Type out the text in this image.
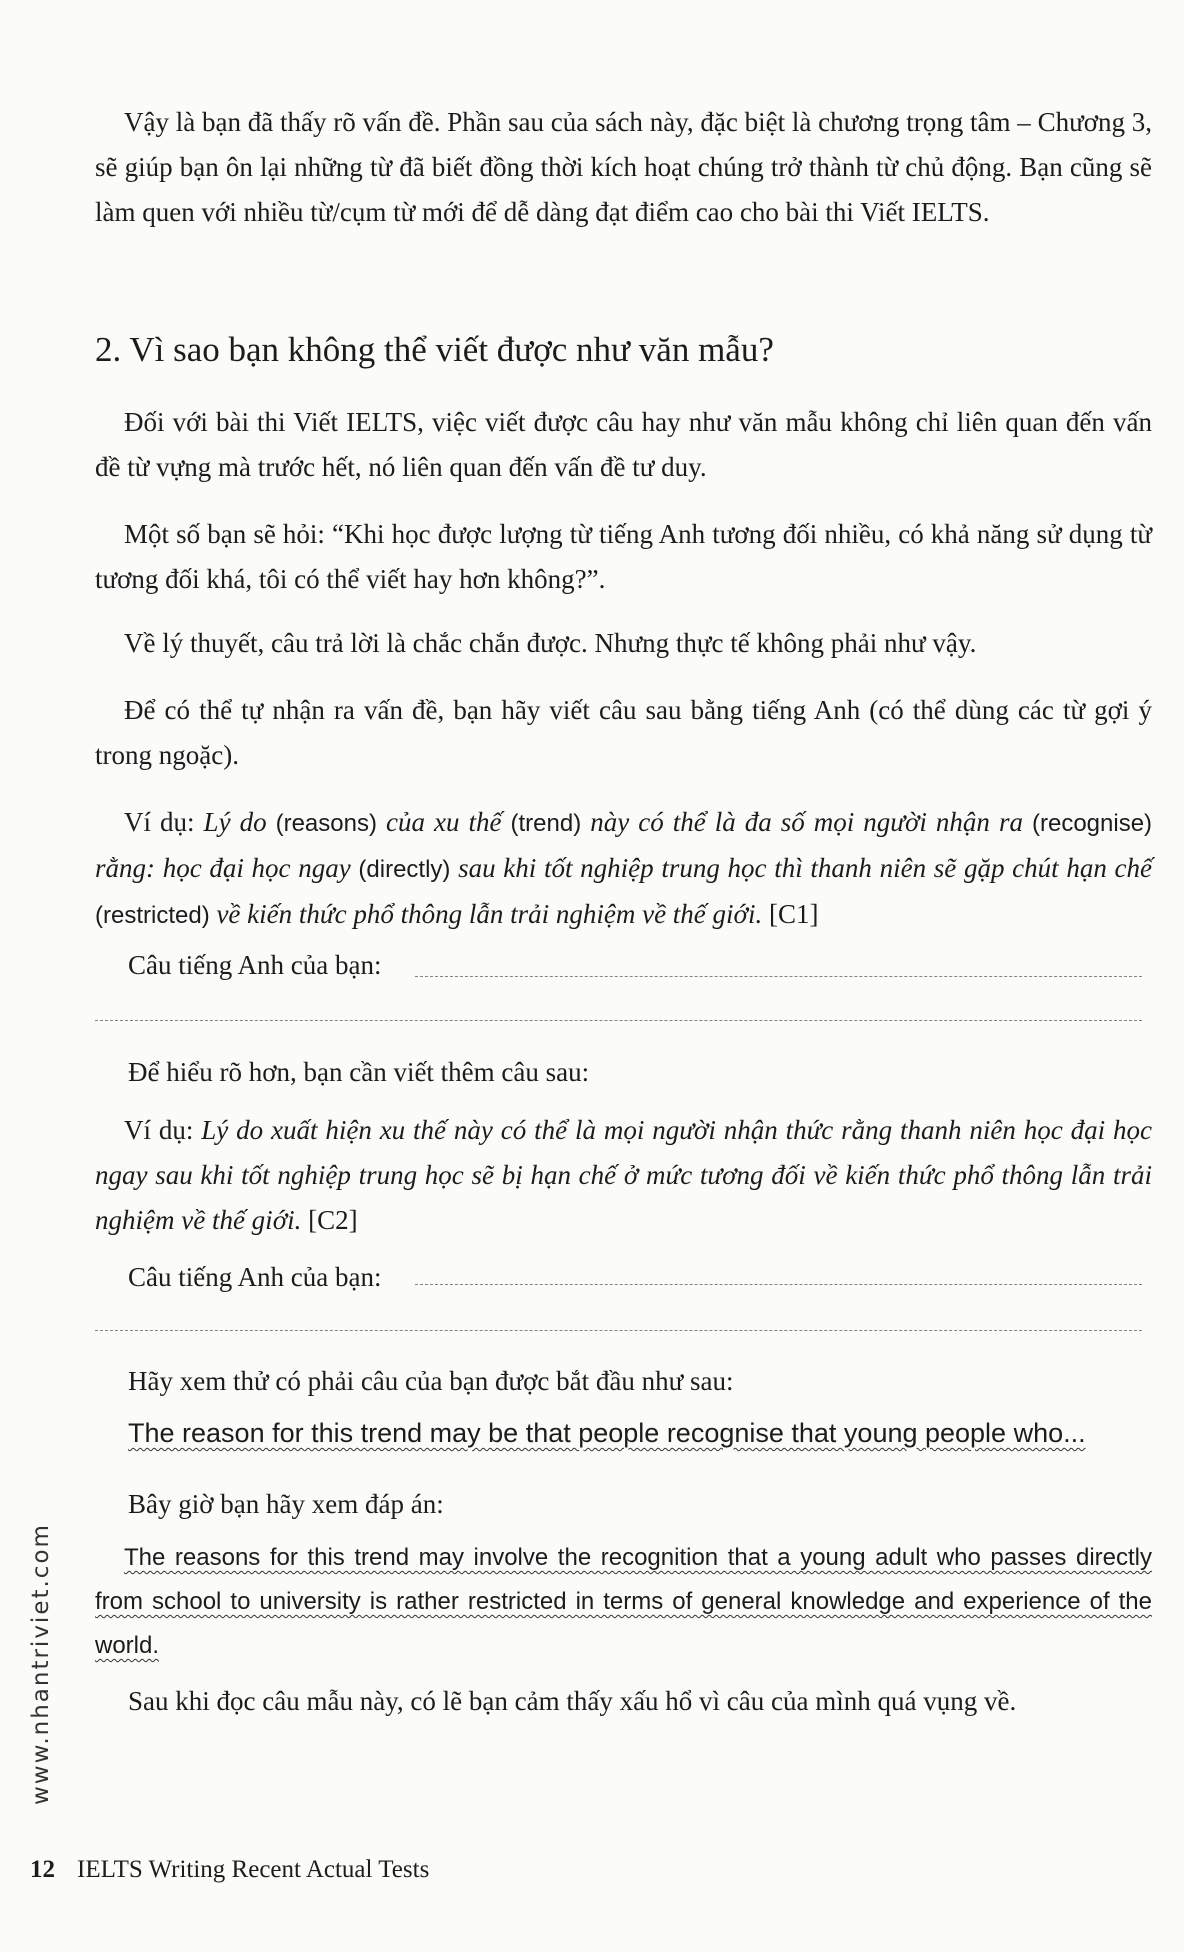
Vậy là bạn đã thấy rõ vấn đề. Phần sau của sách này, đặc biệt là chương trọng tâm – Chương 3, sẽ giúp bạn ôn lại những từ đã biết đồng thời kích hoạt chúng trở thành từ chủ động. Bạn cũng sẽ làm quen với nhiều từ/cụm từ mới để dễ dàng đạt điểm cao cho bài thi Viết IELTS.
2. Vì sao bạn không thể viết được như văn mẫu?
Đối với bài thi Viết IELTS, việc viết được câu hay như văn mẫu không chỉ liên quan đến vấn đề từ vựng mà trước hết, nó liên quan đến vấn đề tư duy.
Một số bạn sẽ hỏi: “Khi học được lượng từ tiếng Anh tương đối nhiều, có khả năng sử dụng từ tương đối khá, tôi có thể viết hay hơn không?”.
Về lý thuyết, câu trả lời là chắc chắn được. Nhưng thực tế không phải như vậy.
Để có thể tự nhận ra vấn đề, bạn hãy viết câu sau bằng tiếng Anh (có thể dùng các từ gợi ý trong ngoặc).
Ví dụ: Lý do (reasons) của xu thế (trend) này có thể là đa số mọi người nhận ra (recognise) rằng: học đại học ngay (directly) sau khi tốt nghiệp trung học thì thanh niên sẽ gặp chút hạn chế (restricted) về kiến thức phổ thông lẫn trải nghiệm về thế giới. [C1]
Câu tiếng Anh của bạn:
Để hiểu rõ hơn, bạn cần viết thêm câu sau:
Ví dụ: Lý do xuất hiện xu thế này có thể là mọi người nhận thức rằng thanh niên học đại học ngay sau khi tốt nghiệp trung học sẽ bị hạn chế ở mức tương đối về kiến thức phổ thông lẫn trải nghiệm về thế giới. [C2]
Câu tiếng Anh của bạn:
Hãy xem thử có phải câu của bạn được bắt đầu như sau:
The reason for this trend may be that people recognise that young people who...
Bây giờ bạn hãy xem đáp án:
The reasons for this trend may involve the recognition that a young adult who passes directly from school to university is rather restricted in terms of general knowledge and experience of the world.
Sau khi đọc câu mẫu này, có lẽ bạn cảm thấy xấu hổ vì câu của mình quá vụng về.
www.nhantriviet.com
12 IELTS Writing Recent Actual Tests
